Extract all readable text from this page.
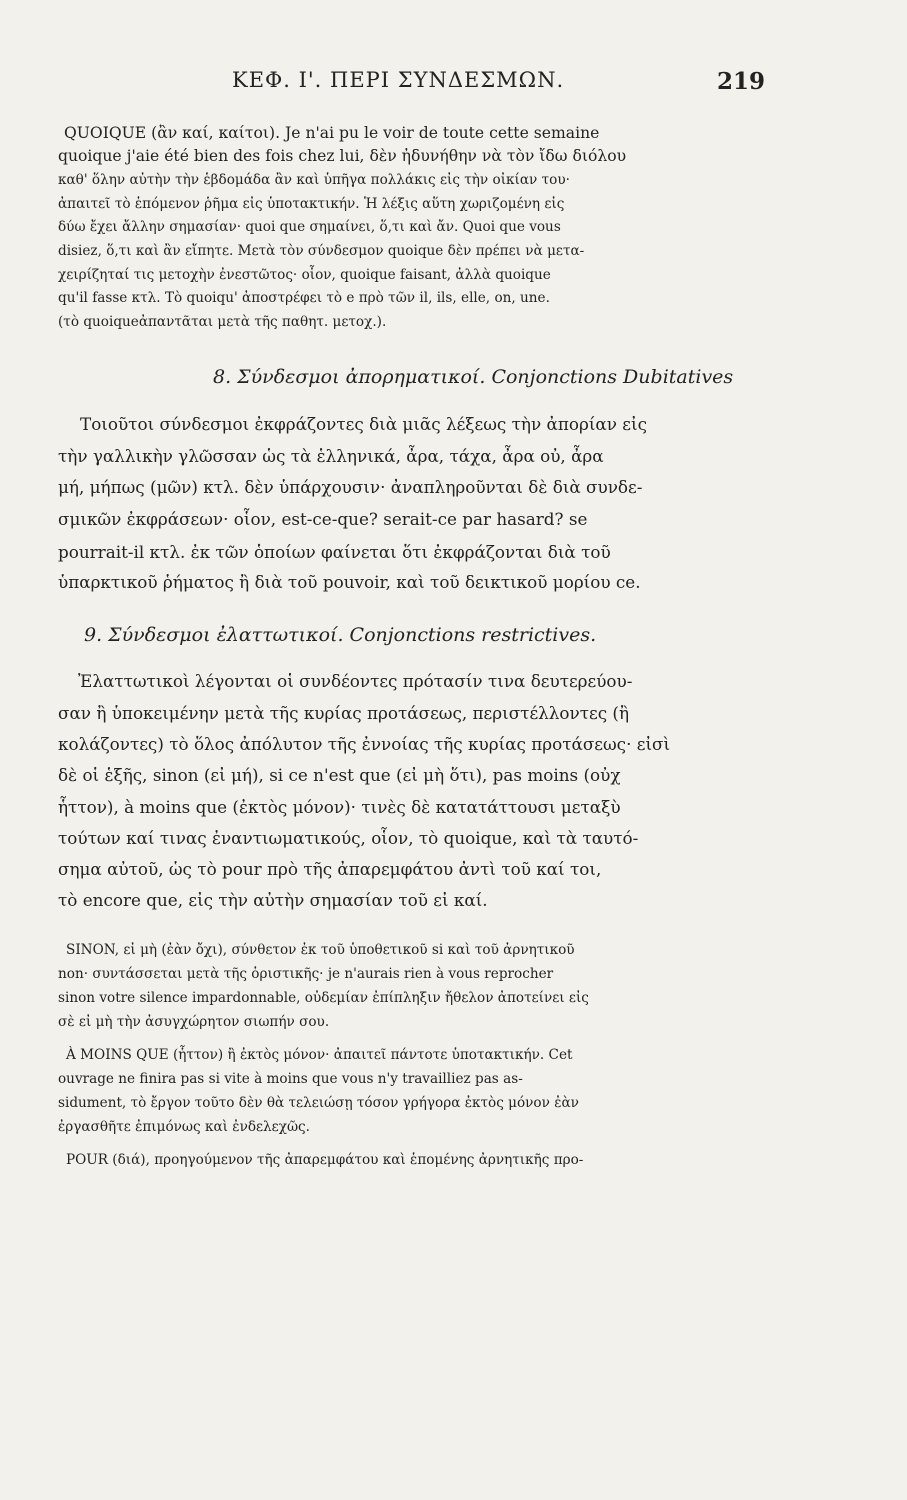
ΚΕΦ. Ι'. ΠΕΡΙ ΣΥΝΔΕΣΜΩΝ.	219
QUOIQUE (ἂν καί, καίτοι). Je n'ai pu le voir de toute cette semaine
quoique j'aie été bien des fois chez lui, δὲν ἠδυνήθην νὰ τὸν ἴδω διόλου
καθ' ὅλην αὐτὴν τὴν ἑβδομάδα ἂν καὶ ὑπῆγα πολλάκις εἰς τὴν οἰκίαν του·
ἀπαιτεῖ τὸ ἑπόμενον ῥῆμα εἰς ὑποτακτικήν. Ἡ λέξις αὕτη χωριζομένη εἰς
δύω ἔχει ἄλλην σημασίαν· quoi que σημαίνει, ὅ,τι καὶ ἄν. Quoi que vous
disiez, ὅ,τι καὶ ἂν εἴπητε. Μετὰ τὸν σύνδεσμον quoique δὲν πρέπει νὰ μετα-
χειρίζηταί τις μετοχὴν ἐνεστῶτος· οἷον, quoique faisant, ἀλλὰ quoique
qu'il fasse κτλ. Τὸ quoiqu' ἀποστρέφει τὸ e πρὸ τῶν il, ils, elle, on, une.
(τὸ quoiqueἀπαντᾶται μετὰ τῆς παθητ. μετοχ.).
8. Σύνδεσμοι ἀπορηματικοί. Conjonctions Dubitatives
Τοιοῦτοι σύνδεσμοι ἐκφράζοντες διὰ μιᾶς λέξεως τὴν ἀπορίαν εἰς
τὴν γαλλικὴν γλῶσσαν ὡς τὰ ἑλληνικά, ἆρα, τάχα, ἆρα οὐ, ἆρα
μή, μήπως (μῶν) κτλ. δὲν ὑπάρχουσιν· ἀναπληροῦνται δὲ διὰ συνδε-
σμικῶν ἐκφράσεων· οἷον, est-ce-que? serait-ce par hasard? se
pourrait-il κτλ. ἐκ τῶν ὁποίων φαίνεται ὅτι ἐκφράζονται διὰ τοῦ
ὑπαρκτικοῦ ῥήματος ἢ διὰ τοῦ pouvoir, καὶ τοῦ δεικτικοῦ μορίου ce.
9. Σύνδεσμοι ἐλαττωτικοί. Conjonctions restrictives.
Ἐλαττωτικοὶ λέγονται οἱ συνδέοντες πρότασίν τινα δευτερεύου-
σαν ἢ ὑποκειμένην μετὰ τῆς κυρίας προτάσεως, περιστέλλοντες (ἢ
κολάζοντες) τὸ ὅλος ἀπόλυτον τῆς ἐννοίας τῆς κυρίας προτάσεως· εἰσὶ
δὲ οἱ ἑξῆς, sinon (εἰ μή), si ce n'est que (εἰ μὴ ὅτι), pas moins (οὐχ
ἧττον), à moins que (ἐκτὸς μόνον)· τινὲς δὲ κατατάττουσι μεταξὺ
τούτων καί τινας ἐναντιωματικούς, οἷον, τὸ quoique, καὶ τὰ ταυτό-
σημα αὐτοῦ, ὡς τὸ pour πρὸ τῆς ἀπαρεμφάτου ἀντὶ τοῦ καί τοι,
τὸ encore que, εἰς τὴν αὐτὴν σημασίαν τοῦ εἰ καί.
SINON, εἰ μὴ (ἐὰν ὄχι), σύνθετον ἐκ τοῦ ὑποθετικοῦ si καὶ τοῦ ἀρνητικοῦ
non· συντάσσεται μετὰ τῆς ὁριστικῆς· je n'aurais rien à vous reprocher
sinon votre silence impardonnable, οὐδεμίαν ἐπίπληξιν ἤθελον ἀποτείνει εἰς
σὲ εἰ μὴ τὴν ἀσυγχώρητον σιωπήν σου.
À MOINS QUE (ἧττον) ἢ ἐκτὸς μόνον· ἀπαιτεῖ πάντοτε ὑποτακτικήν. Cet
ouvrage ne finira pas si vite à moins que vous n'y travailliez pas as-
sidument, τὸ ἔργον τοῦτο δὲν θὰ τελειώσῃ τόσον γρήγορα ἐκτὸς μόνον ἐὰν
ἐργασθῆτε ἐπιμόνως καὶ ἐνδελεχῶς.
POUR (διά), προηγούμενον τῆς ἀπαρεμφάτου καὶ ἑπομένης ἀρνητικῆς προ-
